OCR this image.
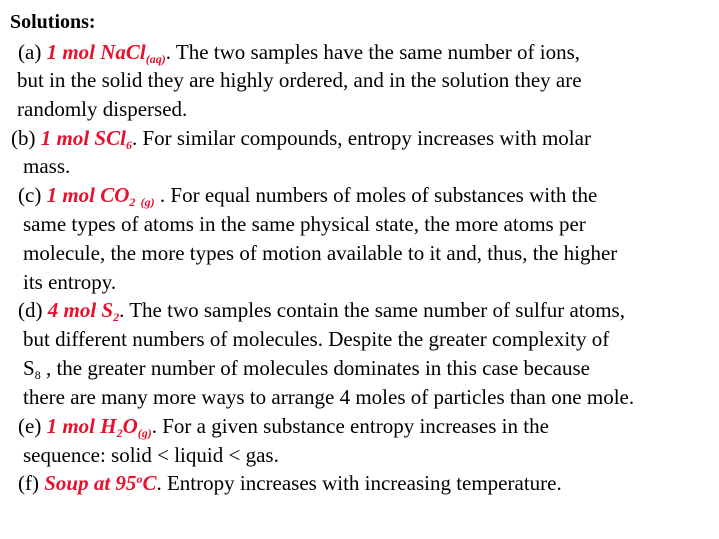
Solutions:
(a) 1 mol NaCl$_{(aq)}$. The two samples have the same number of ions,
but in the solid they are highly ordered, and in the solution they are
randomly dispersed.
(b) 1 mol SCl$_6$. For similar compounds, entropy increases with molar
mass.
(c) 1 mol $CO_2$ $_{(g)}$ . For equal numbers of moles of substances with the
same types of atoms in the same physical state, the more atoms per
molecule, the more types of motion available to it and, thus, the higher
its entropy.
(d) 4 mol $S_2$. The two samples contain the same number of sulfur atoms,
but different numbers of molecules. Despite the greater complexity of
S8 , the greater number of molecules dominates in this case because
there are many more ways to arrange 4 moles of particles than one mole.
(e) 1 mol $H_2O_{(g)}$. For a given substance entropy increases in the
sequence: solid < liquid < gas.
(f) Soup at 95$^o$C. Entropy increases with increasing temperature.
